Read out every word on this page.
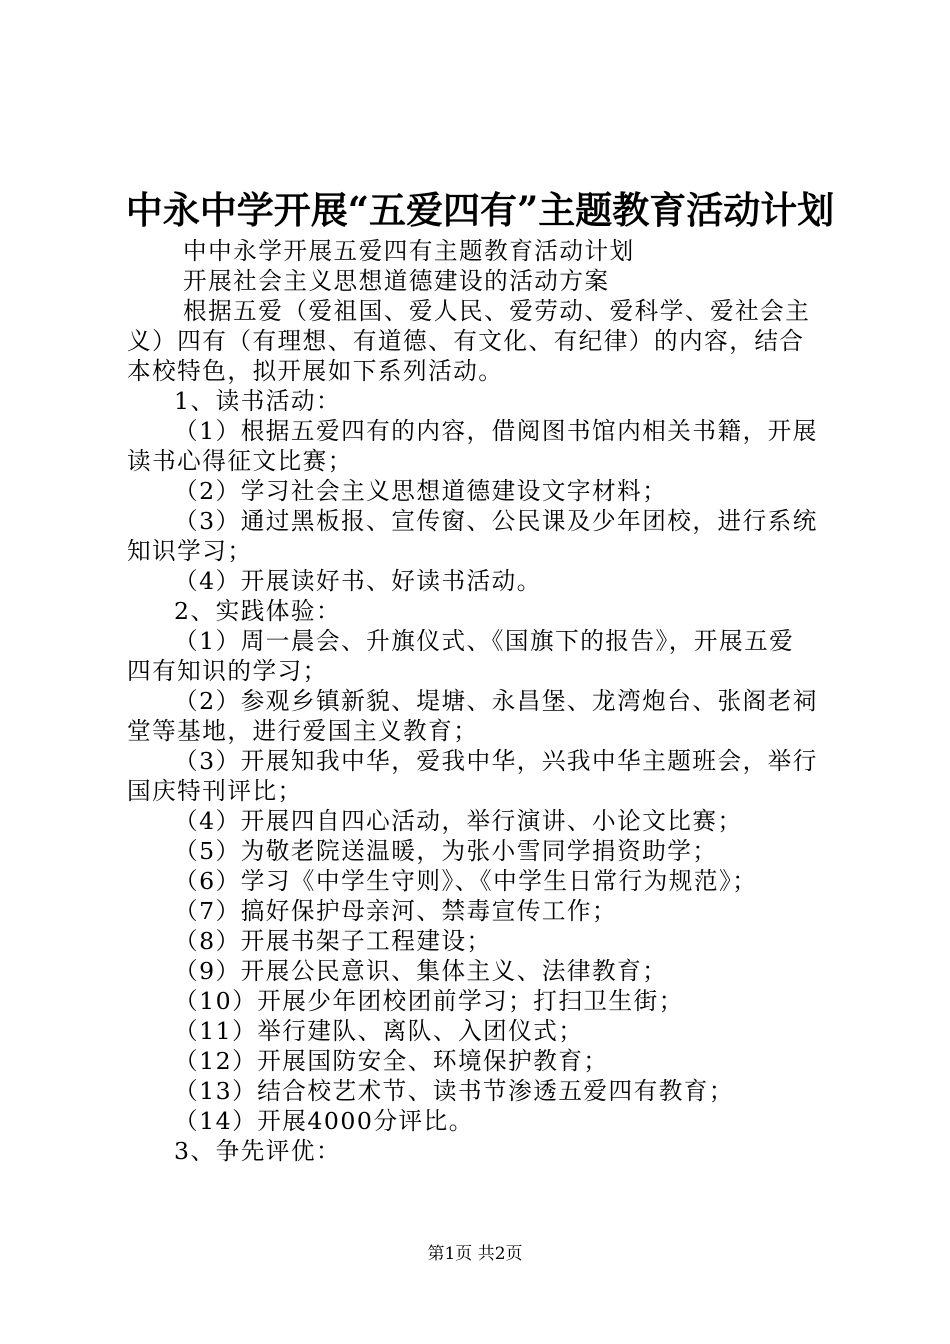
中永中学开展“五爱四有”主题教育活动计划
中中永学开展五爱四有主题教育活动计划
开展社会主义思想道德建设的活动方案
根据五爱（爱祖国、爱人民、爱劳动、爱科学、爱社会主
义）四有（有理想、有道德、有文化、有纪律）的内容，结合
本校特色，拟开展如下系列活动。
1、读书活动：
（1）根据五爱四有的内容，借阅图书馆内相关书籍，开展
读书心得征文比赛；
（2）学习社会主义思想道德建设文字材料；
（3）通过黑板报、宣传窗、公民课及少年团校，进行系统
知识学习；
（4）开展读好书、好读书活动。
2、实践体验：
（1）周一晨会、升旗仪式、《国旗下的报告》，开展五爱
四有知识的学习；
（2）参观乡镇新貌、堤塘、永昌堡、龙湾炮台、张阁老祠
堂等基地，进行爱国主义教育；
（3）开展知我中华，爱我中华，兴我中华主题班会，举行
国庆特刊评比；
（4）开展四自四心活动，举行演讲、小论文比赛；
（5）为敬老院送温暖，为张小雪同学捐资助学；
（6）学习《中学生守则》、《中学生日常行为规范》；
（7）搞好保护母亲河、禁毒宣传工作；
（8）开展书架子工程建设；
（9）开展公民意识、集体主义、法律教育；
（10）开展少年团校团前学习；打扫卫生街；
（11）举行建队、离队、入团仪式；
（12）开展国防安全、环境保护教育；
（13）结合校艺术节、读书节渗透五爱四有教育；
（14）开展4000分评比。
3、争先评优：
第1页 共2页
